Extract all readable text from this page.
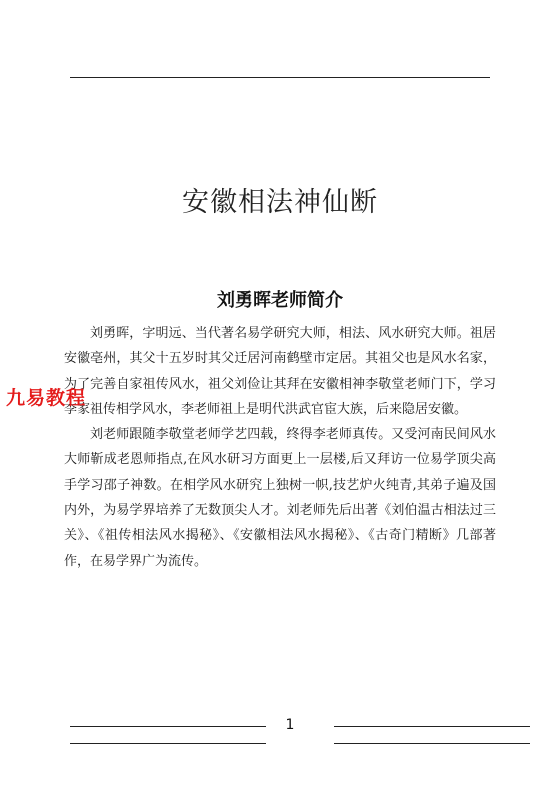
安徽相法神仙断
刘勇晖老师简介

刘勇晖，字明远、当代著名易学研究大师，相法、风水研究大师。祖居安徽亳州，其父十五岁时其父迁居河南鹤壁市定居。其祖父也是风水名家，为了完善自家祖传风水，祖父刘俭让其拜在安徽相神李敬堂老师门下，学习李家祖传相学风水，李老师祖上是明代洪武官宦大族，后来隐居安徽。

刘老师跟随李敬堂老师学艺四载，终得李老师真传。又受河南民间风水大师靳成老恩师指点,在风水研习方面更上一层楼,后又拜访一位易学顶尖高手学习邵子神数。在相学风水研究上独树一帜,技艺炉火纯青,其弟子遍及国内外，为易学界培养了无数顶尖人才。刘老师先后出著《刘伯温古相法过三关》、《祖传相法风水揭秘》、《安徽相法风水揭秘》、《古奇门精断》几部著作，在易学界广为流传。

九易教程
1
